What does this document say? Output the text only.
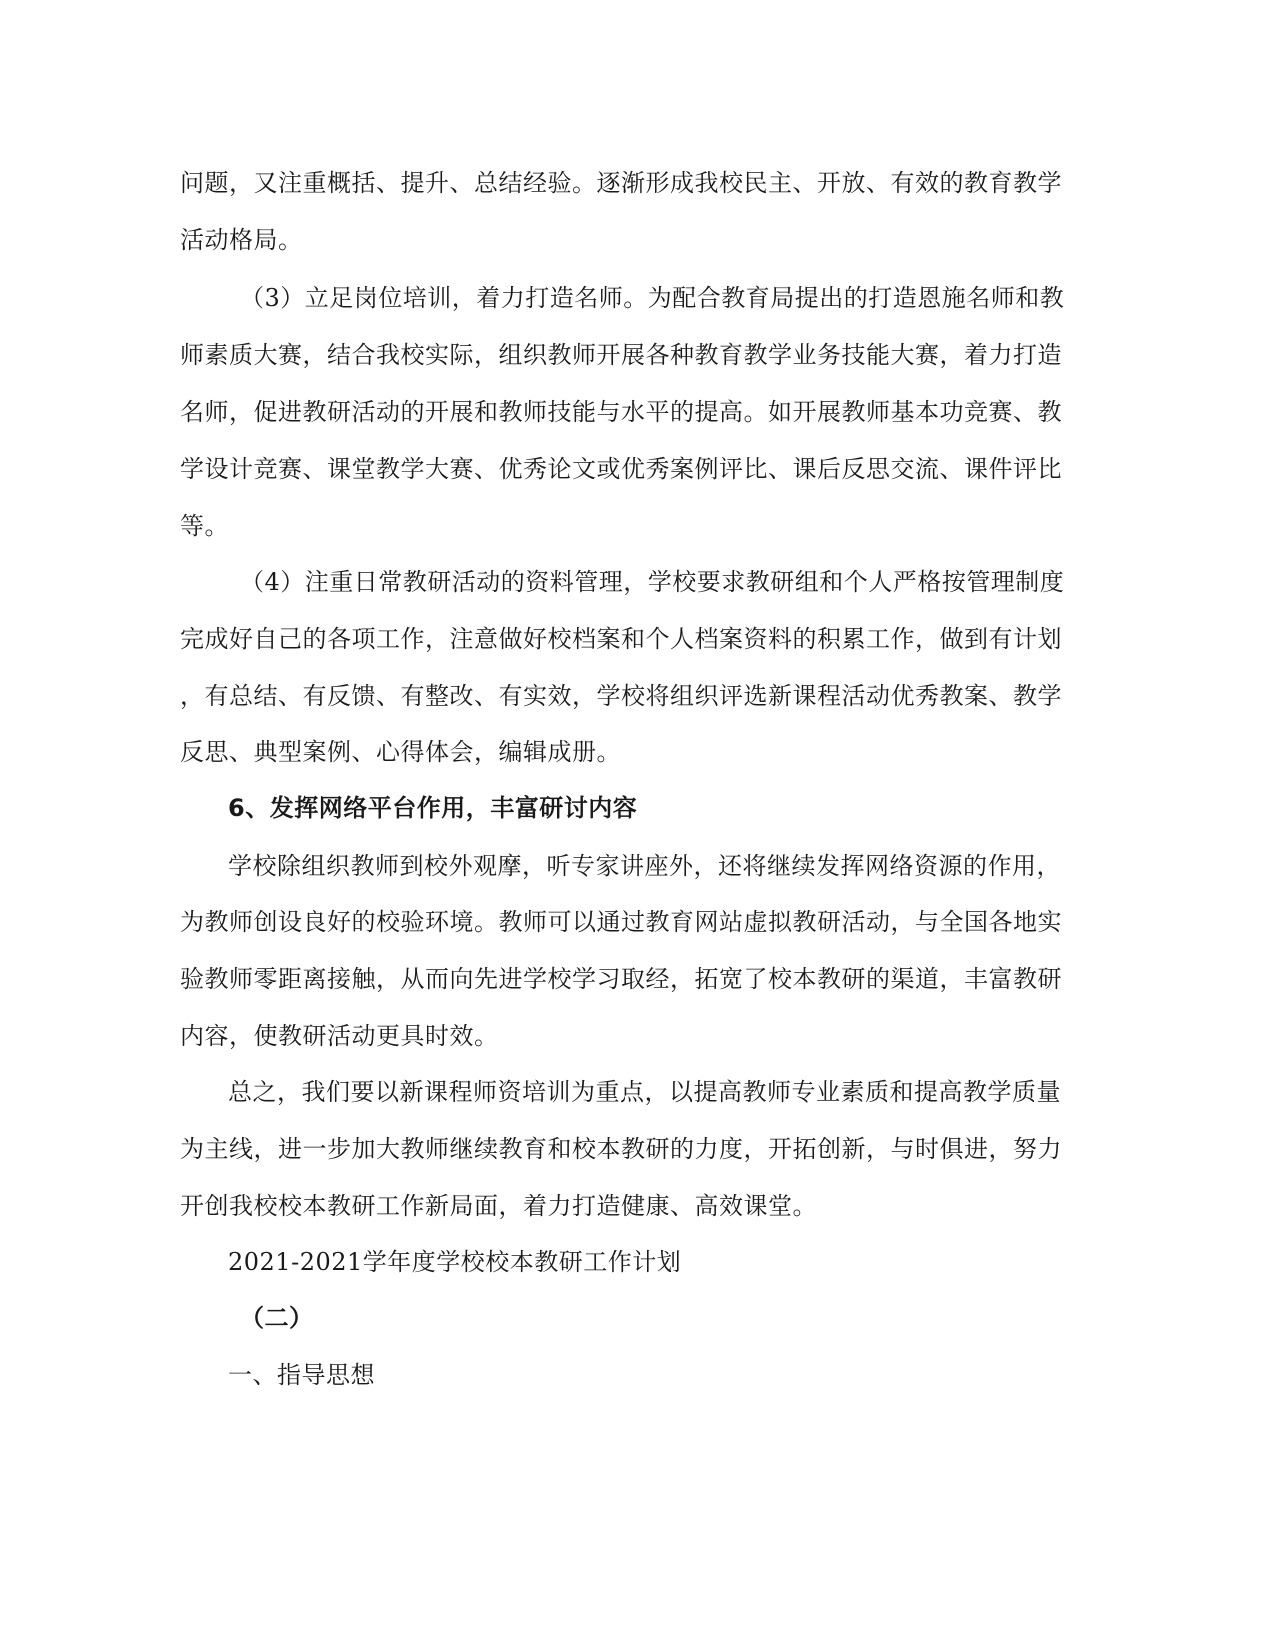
问题，又注重概括、提升、总结经验。逐渐形成我校民主、开放、有效的教育教学
活动格局。
（3）立足岗位培训，着力打造名师。为配合教育局提出的打造恩施名师和教
师素质大赛，结合我校实际，组织教师开展各种教育教学业务技能大赛，着力打造
名师，促进教研活动的开展和教师技能与水平的提高。如开展教师基本功竞赛、教
学设计竞赛、课堂教学大赛、优秀论文或优秀案例评比、课后反思交流、课件评比
等。
（4）注重日常教研活动的资料管理，学校要求教研组和个人严格按管理制度
完成好自己的各项工作，注意做好校档案和个人档案资料的积累工作，做到有计划
，有总结、有反馈、有整改、有实效，学校将组织评选新课程活动优秀教案、教学
反思、典型案例、心得体会，编辑成册。
6、发挥网络平台作用，丰富研讨内容
学校除组织教师到校外观摩，听专家讲座外，还将继续发挥网络资源的作用，
为教师创设良好的校验环境。教师可以通过教育网站虚拟教研活动，与全国各地实
验教师零距离接触，从而向先进学校学习取经，拓宽了校本教研的渠道，丰富教研
内容，使教研活动更具时效。
总之，我们要以新课程师资培训为重点，以提高教师专业素质和提高教学质量
为主线，进一步加大教师继续教育和校本教研的力度，开拓创新，与时俱进，努力
开创我校校本教研工作新局面，着力打造健康、高效课堂。
2021-2021学年度学校校本教研工作计划
（二）
一、指导思想
